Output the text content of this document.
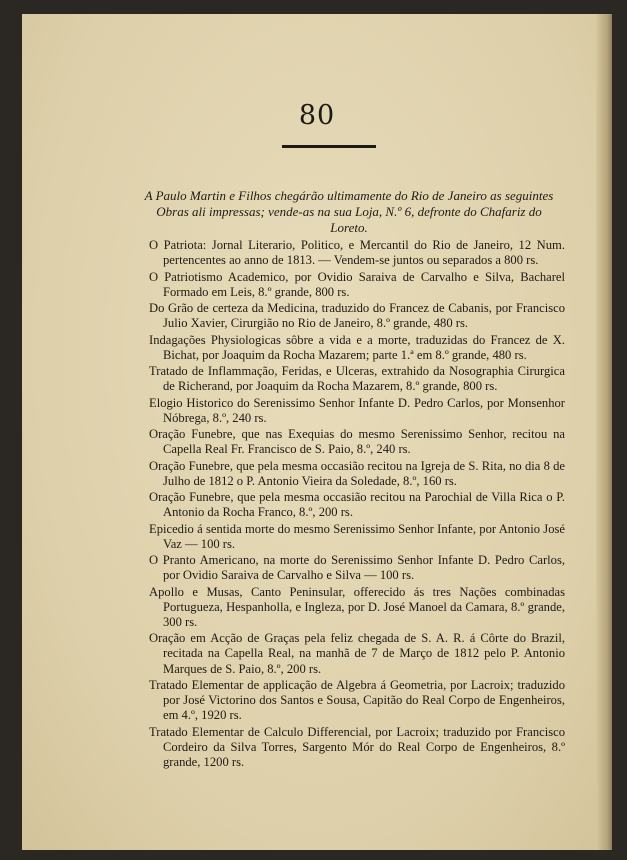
80
A Paulo Martin e Filhos chegárão ultimamente do Rio de Janeiro as seguintes Obras ali impressas; vende-as na sua Loja, N.º 6, defronte do Chafariz do Loreto.

O Patriota: Jornal Literario, Politico, e Mercantil do Rio de Janeiro, 12 Num. pertencentes ao anno de 1813. — Vendem-se juntos ou separados a 800 rs.

O Patriotismo Academico, por Ovidio Saraiva de Carvalho e Silva, Bacharel Formado em Leis, 8.º grande, 800 rs.

Do Grão de certeza da Medicina, traduzido do Francez de Cabanis, por Francisco Julio Xavier, Cirurgião no Rio de Janeiro, 8.º grande, 480 rs.

Indagações Physiologicas sôbre a vida e a morte, traduzidas do Francez de X. Bichat, por Joaquim da Rocha Mazarem; parte 1.ª em 8.º grande, 480 rs.

Tratado de Inflammação, Feridas, e Ulceras, extrahido da Nosographia Cirurgica de Richerand, por Joaquim da Rocha Mazarem, 8.º grande, 800 rs.

Elogio Historico do Serenissimo Senhor Infante D. Pedro Carlos, por Monsenhor Nóbrega, 8.º, 240 rs.

Oração Funebre, que nas Exequias do mesmo Serenissimo Senhor, recitou na Capella Real Fr. Francisco de S. Paio, 8.º, 240 rs.

Oração Funebre, que pela mesma occasião recitou na Igreja de S. Rita, no dia 8 de Julho de 1812 o P. Antonio Vieira da Soledade, 8.º, 160 rs.

Oração Funebre, que pela mesma occasião recitou na Parochial de Villa Rica o P. Antonio da Rocha Franco, 8.º, 200 rs.

Epicedio á sentida morte do mesmo Serenissimo Senhor Infante, por Antonio José Vaz — 100 rs.

O Pranto Americano, na morte do Serenissimo Senhor Infante D. Pedro Carlos, por Ovidio Saraiva de Carvalho e Silva — 100 rs.

Apollo e Musas, Canto Peninsular, offerecido ás tres Nações combinadas Portugueza, Hespanholla, e Ingleza, por D. José Manoel da Camara, 8.º grande, 300 rs.

Oração em Acção de Graças pela feliz chegada de S. A. R. á Côrte do Brazil, recitada na Capella Real, na manhã de 7 de Março de 1812 pelo P. Antonio Marques de S. Paio, 8.º, 200 rs.

Tratado Elementar de applicação de Algebra á Geometria, por Lacroix; traduzido por José Victorino dos Santos e Sousa, Capitão do Real Corpo de Engenheiros, em 4.º, 1920 rs.

Tratado Elementar de Calculo Differencial, por Lacroix; traduzido por Francisco Cordeiro da Silva Torres, Sargento Mór do Real Corpo de Engenheiros, 8.º grande, 1200 rs.
